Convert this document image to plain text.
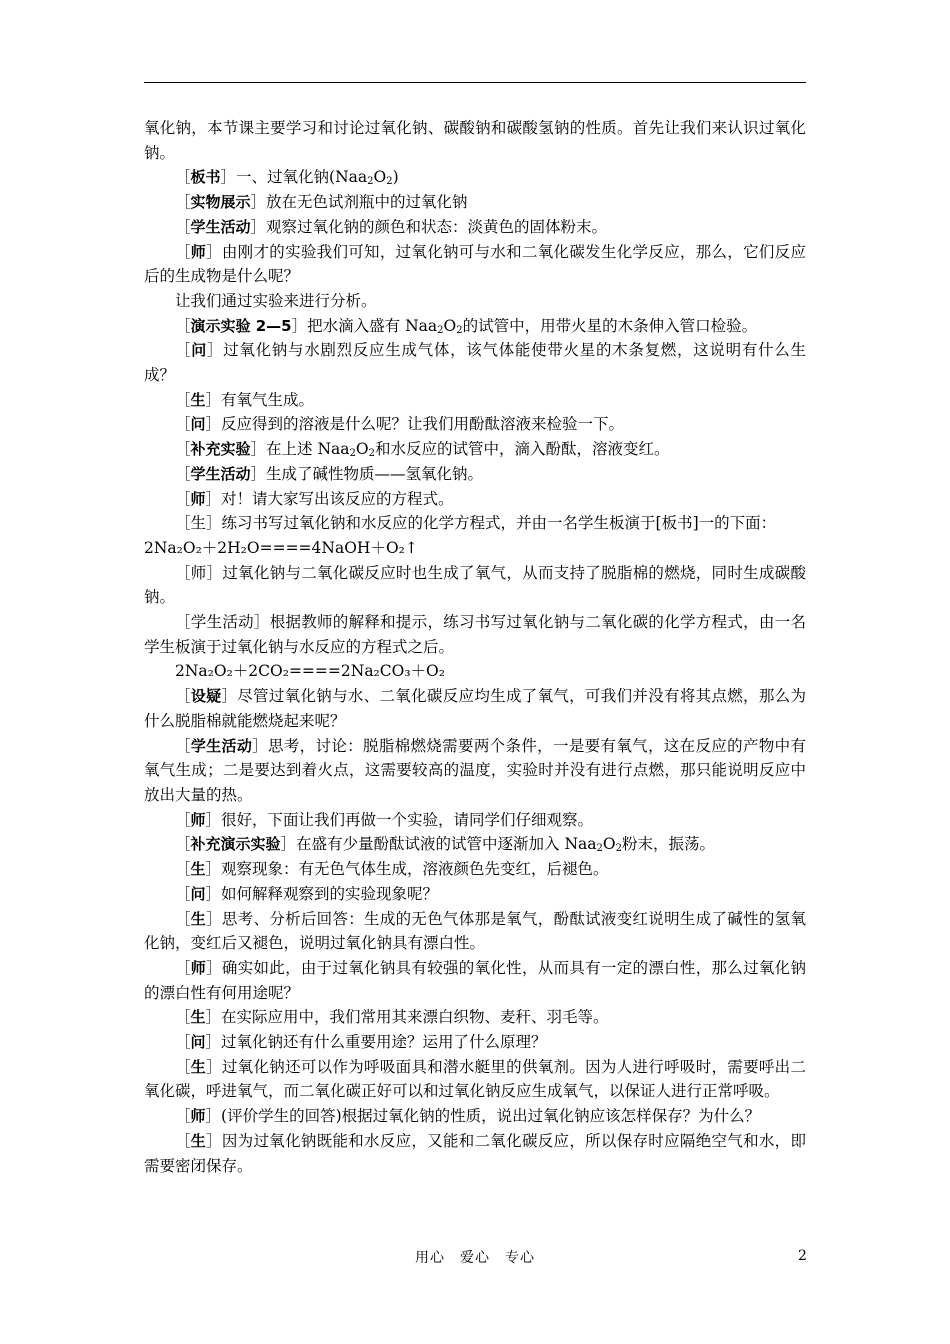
氧化钠，本节课主要学习和讨论过氧化钠、碳酸钠和碳酸氢钠的性质。首先让我们来认识过氧化钠。

［板书］一、过氧化钠$(Naa_2O_2)$

［实物展示］放在无色试剂瓶中的过氧化钠

［学生活动］观察过氧化钠的颜色和状态：淡黄色的固体粉末。

［师］由刚才的实验我们可知，过氧化钠可与水和二氧化碳发生化学反应，那么，它们反应后的生成物是什么呢？

让我们通过实验来进行分析。

［演示实验 2—5］把水滴入盛有 $Naa_2O_2$的试管中，用带火星的木条伸入管口检验。

［问］过氧化钠与水剧烈反应生成气体，该气体能使带火星的木条复燃，这说明有什么生成？

［生］有氧气生成。

［问］反应得到的溶液是什么呢？让我们用酚酞溶液来检验一下。

［补充实验］在上述 $Naa_2O_2$和水反应的试管中，滴入酚酞，溶液变红。

［学生活动］生成了碱性物质——氢氧化钠。

［师］对！请大家写出该反应的方程式。

［生］练习书写过氧化钠和水反应的化学方程式，并由一名学生板演于[板书]一的下面：

2Na₂O₂＋2H₂O====4NaOH＋O₂↑

［师］过氧化钠与二氧化碳反应时也生成了氧气，从而支持了脱脂棉的燃烧，同时生成碳酸钠。

［学生活动］根据教师的解释和提示，练习书写过氧化钠与二氧化碳的化学方程式，由一名学生板演于过氧化钠与水反应的方程式之后。

2Na₂O₂＋2CO₂====2Na₂CO₃＋O₂

［设疑］尽管过氧化钠与水、二氧化碳反应均生成了氧气，可我们并没有将其点燃，那么为什么脱脂棉就能燃烧起来呢？

［学生活动］思考，讨论：脱脂棉燃烧需要两个条件，一是要有氧气，这在反应的产物中有氧气生成；二是要达到着火点，这需要较高的温度，实验时并没有进行点燃，那只能说明反应中放出大量的热。

［师］很好，下面让我们再做一个实验，请同学们仔细观察。

［补充演示实验］在盛有少量酚酞试液的试管中逐渐加入 $Naa_2O_2$粉末，振荡。

［生］观察现象：有无色气体生成，溶液颜色先变红，后褪色。

［问］如何解释观察到的实验现象呢？

［生］思考、分析后回答：生成的无色气体那是氧气，酚酞试液变红说明生成了碱性的氢氧化钠，变红后又褪色，说明过氧化钠具有漂白性。

［师］确实如此，由于过氧化钠具有较强的氧化性，从而具有一定的漂白性，那么过氧化钠的漂白性有何用途呢？

［生］在实际应用中，我们常用其来漂白织物、麦秆、羽毛等。

［问］过氧化钠还有什么重要用途？运用了什么原理？

［生］过氧化钠还可以作为呼吸面具和潜水艇里的供氧剂。因为人进行呼吸时，需要呼出二氧化碳，呼进氧气，而二氧化碳正好可以和过氧化钠反应生成氧气，以保证人进行正常呼吸。

［师］(评价学生的回答)根据过氧化钠的性质，说出过氧化钠应该怎样保存？为什么？

［生］因为过氧化钠既能和水反应，又能和二氧化碳反应，所以保存时应隔绝空气和水，即需要密闭保存。

用心　爱心　专心	2
